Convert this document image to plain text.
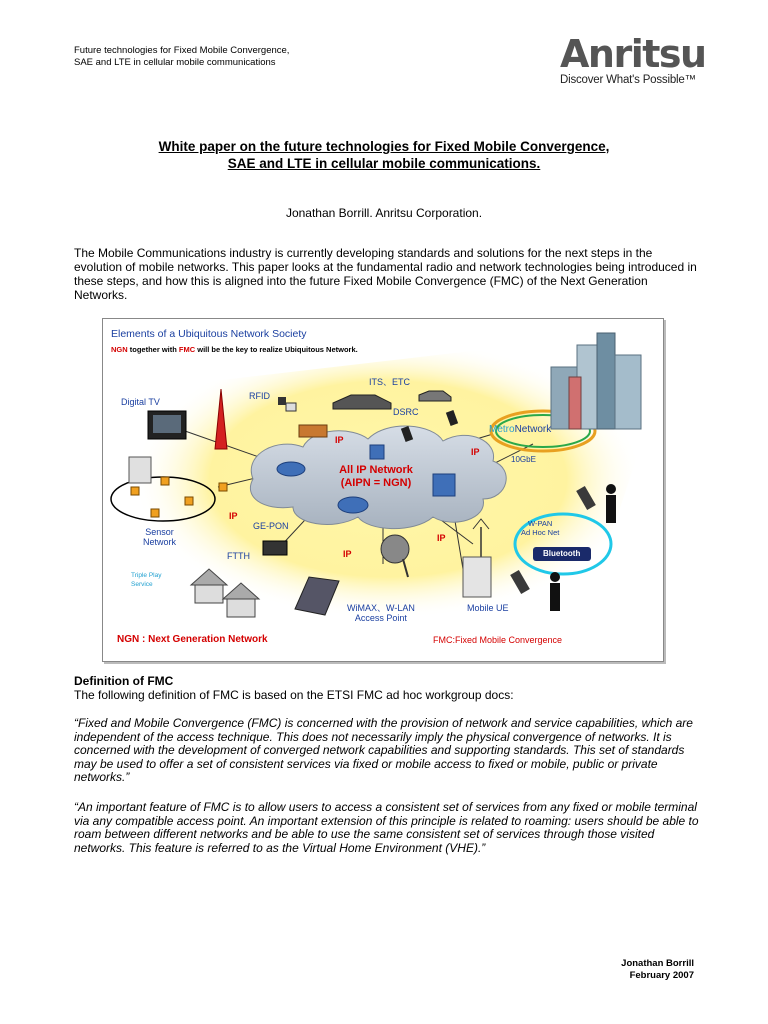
Future technologies for Fixed Mobile Convergence,
SAE and LTE in cellular mobile communications	Anritsu
Discover What's Possible™
White paper on the future technologies for Fixed Mobile Convergence,
SAE and LTE in cellular mobile communications.
Jonathan Borrill. Anritsu Corporation.
The Mobile Communications industry is currently developing standards and solutions for the next steps in the evolution of mobile networks. This paper looks at the fundamental radio and network technologies being introduced in these steps, and how this is aligned into the future Fixed Mobile Convergence (FMC) of the Next Generation Networks.
Elements of a Ubiquitous Network Society
NGN together with FMC will be the key to realize Ubiquitous Network.
Digital TV
RFID
ITS、ETC
DSRC
MetroNetwork
10GbE
IP
IP
IP
IP
IP
All IP Network
(AIPN = NGN)
Sensor
Network
GE-PON
FTTH
Triple Play
Service
WiMAX、W-LAN
Access Point
Mobile UE
W-PAN
Ad Hoc Net
Bluetooth
NGN : Next Generation Network	FMC:Fixed Mobile Convergence
Definition of FMC
The following definition of FMC is based on the ETSI FMC ad hoc workgroup docs:
“Fixed and Mobile Convergence (FMC) is concerned with the provision of network and service capabilities, which are independent of the access technique. This does not necessarily imply the physical convergence of networks. It is concerned with the development of converged network capabilities and supporting standards. This set of standards may be used to offer a set of consistent services via fixed or mobile access to fixed or mobile, public or private networks.”
“An important feature of FMC is to allow users to access a consistent set of services from any fixed or mobile terminal via any compatible access point. An important extension of this principle is related to roaming: users should be able to roam between different networks and be able to use the same consistent set of services through those visited networks. This feature is referred to as the Virtual Home Environment (VHE).”
Jonathan Borrill
February 2007
